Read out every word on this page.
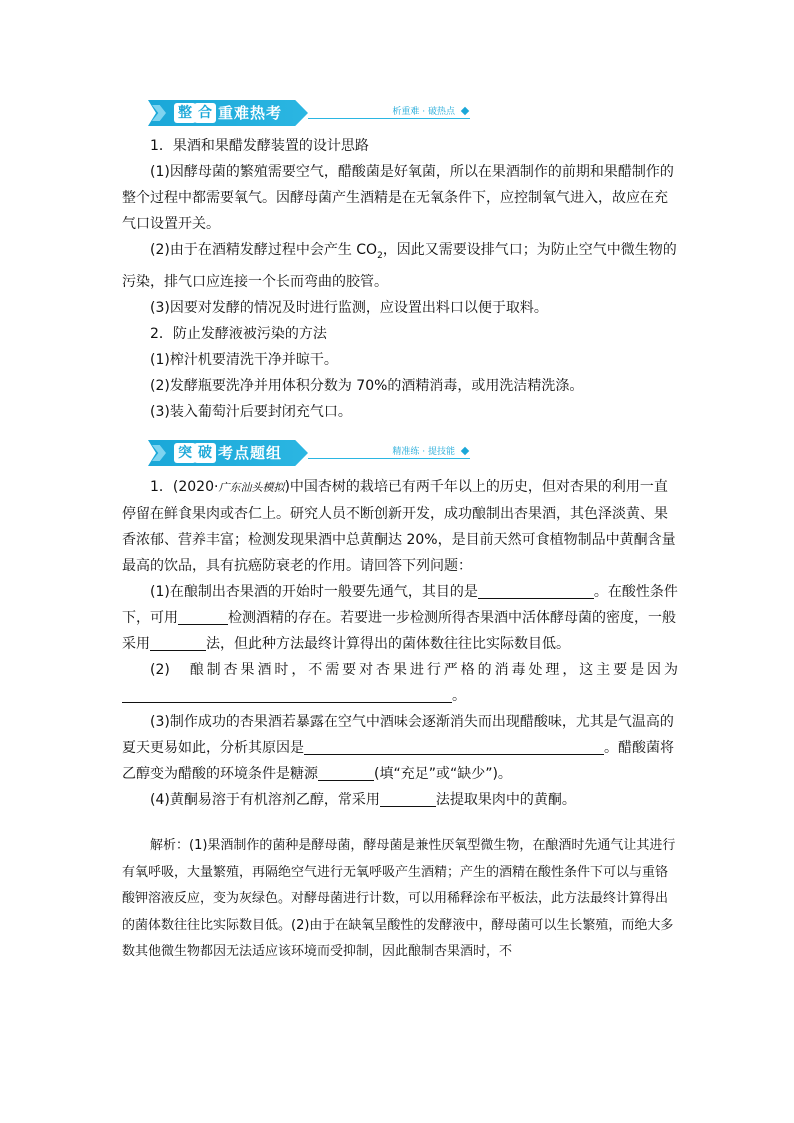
整 合 重难热考	析重难 · 破热点

1．果酒和果醋发酵装置的设计思路

(1)因酵母菌的繁殖需要空气，醋酸菌是好氧菌，所以在果酒制作的前期和果醋制作的整个过程中都需要氧气。因酵母菌产生酒精是在无氧条件下，应控制氧气进入，故应在充气口设置开关。

(2)由于在酒精发酵过程中会产生 $CO_2$，因此又需要设排气口；为防止空气中微生物的污染，排气口应连接一个长而弯曲的胶管。

(3)因要对发酵的情况及时进行监测，应设置出料口以便于取料。

2．防止发酵液被污染的方法

(1)榨汁机要清洗干净并晾干。

(2)发酵瓶要洗净并用体积分数为 70%的酒精消毒，或用洗洁精洗涤。

(3)装入葡萄汁后要封闭充气口。

突 破 考点题组	精准练 · 提技能

1．(2020·广东汕头模拟)中国杏树的栽培已有两千年以上的历史，但对杏果的利用一直停留在鲜食果肉或杏仁上。研究人员不断创新开发，成功酿制出杏果酒，其色泽淡黄、果香浓郁、营养丰富；检测发现果酒中总黄酮达 20%，是目前天然可食植物制品中黄酮含量最高的饮品，具有抗癌防衰老的作用。请回答下列问题：

(1)在酿制出杏果酒的开始时一般要先通气，其目的是	。在酸性条件下，可用	检测酒精的存在。若要进一步检测所得杏果酒中活体酵母菌的密度，一般采用	法，但此种方法最终计算得出的菌体数往往比实际数目低。

(2)　酿制杏果酒时，不需要对杏果进行严格的消毒处理，这主要是因为

。

(3)制作成功的杏果酒若暴露在空气中酒味会逐渐消失而出现醋酸味，尤其是气温高的夏天更易如此，分析其原因是	。醋酸菌将乙醇变为醋酸的环境条件是糖源	(填“充足”或“缺少”)。

(4)黄酮易溶于有机溶剂乙醇，常采用	法提取果肉中的黄酮。

解析：(1)果酒制作的菌种是酵母菌，酵母菌是兼性厌氧型微生物，在酿酒时先通气让其进行有氧呼吸，大量繁殖，再隔绝空气进行无氧呼吸产生酒精；产生的酒精在酸性条件下可以与重铬酸钾溶液反应，变为灰绿色。对酵母菌进行计数，可以用稀释涂布平板法，此方法最终计算得出的菌体数往往比实际数目低。(2)由于在缺氧呈酸性的发酵液中，酵母菌可以生长繁殖，而绝大多数其他微生物都因无法适应该环境而受抑制，因此酿制杏果酒时，不
